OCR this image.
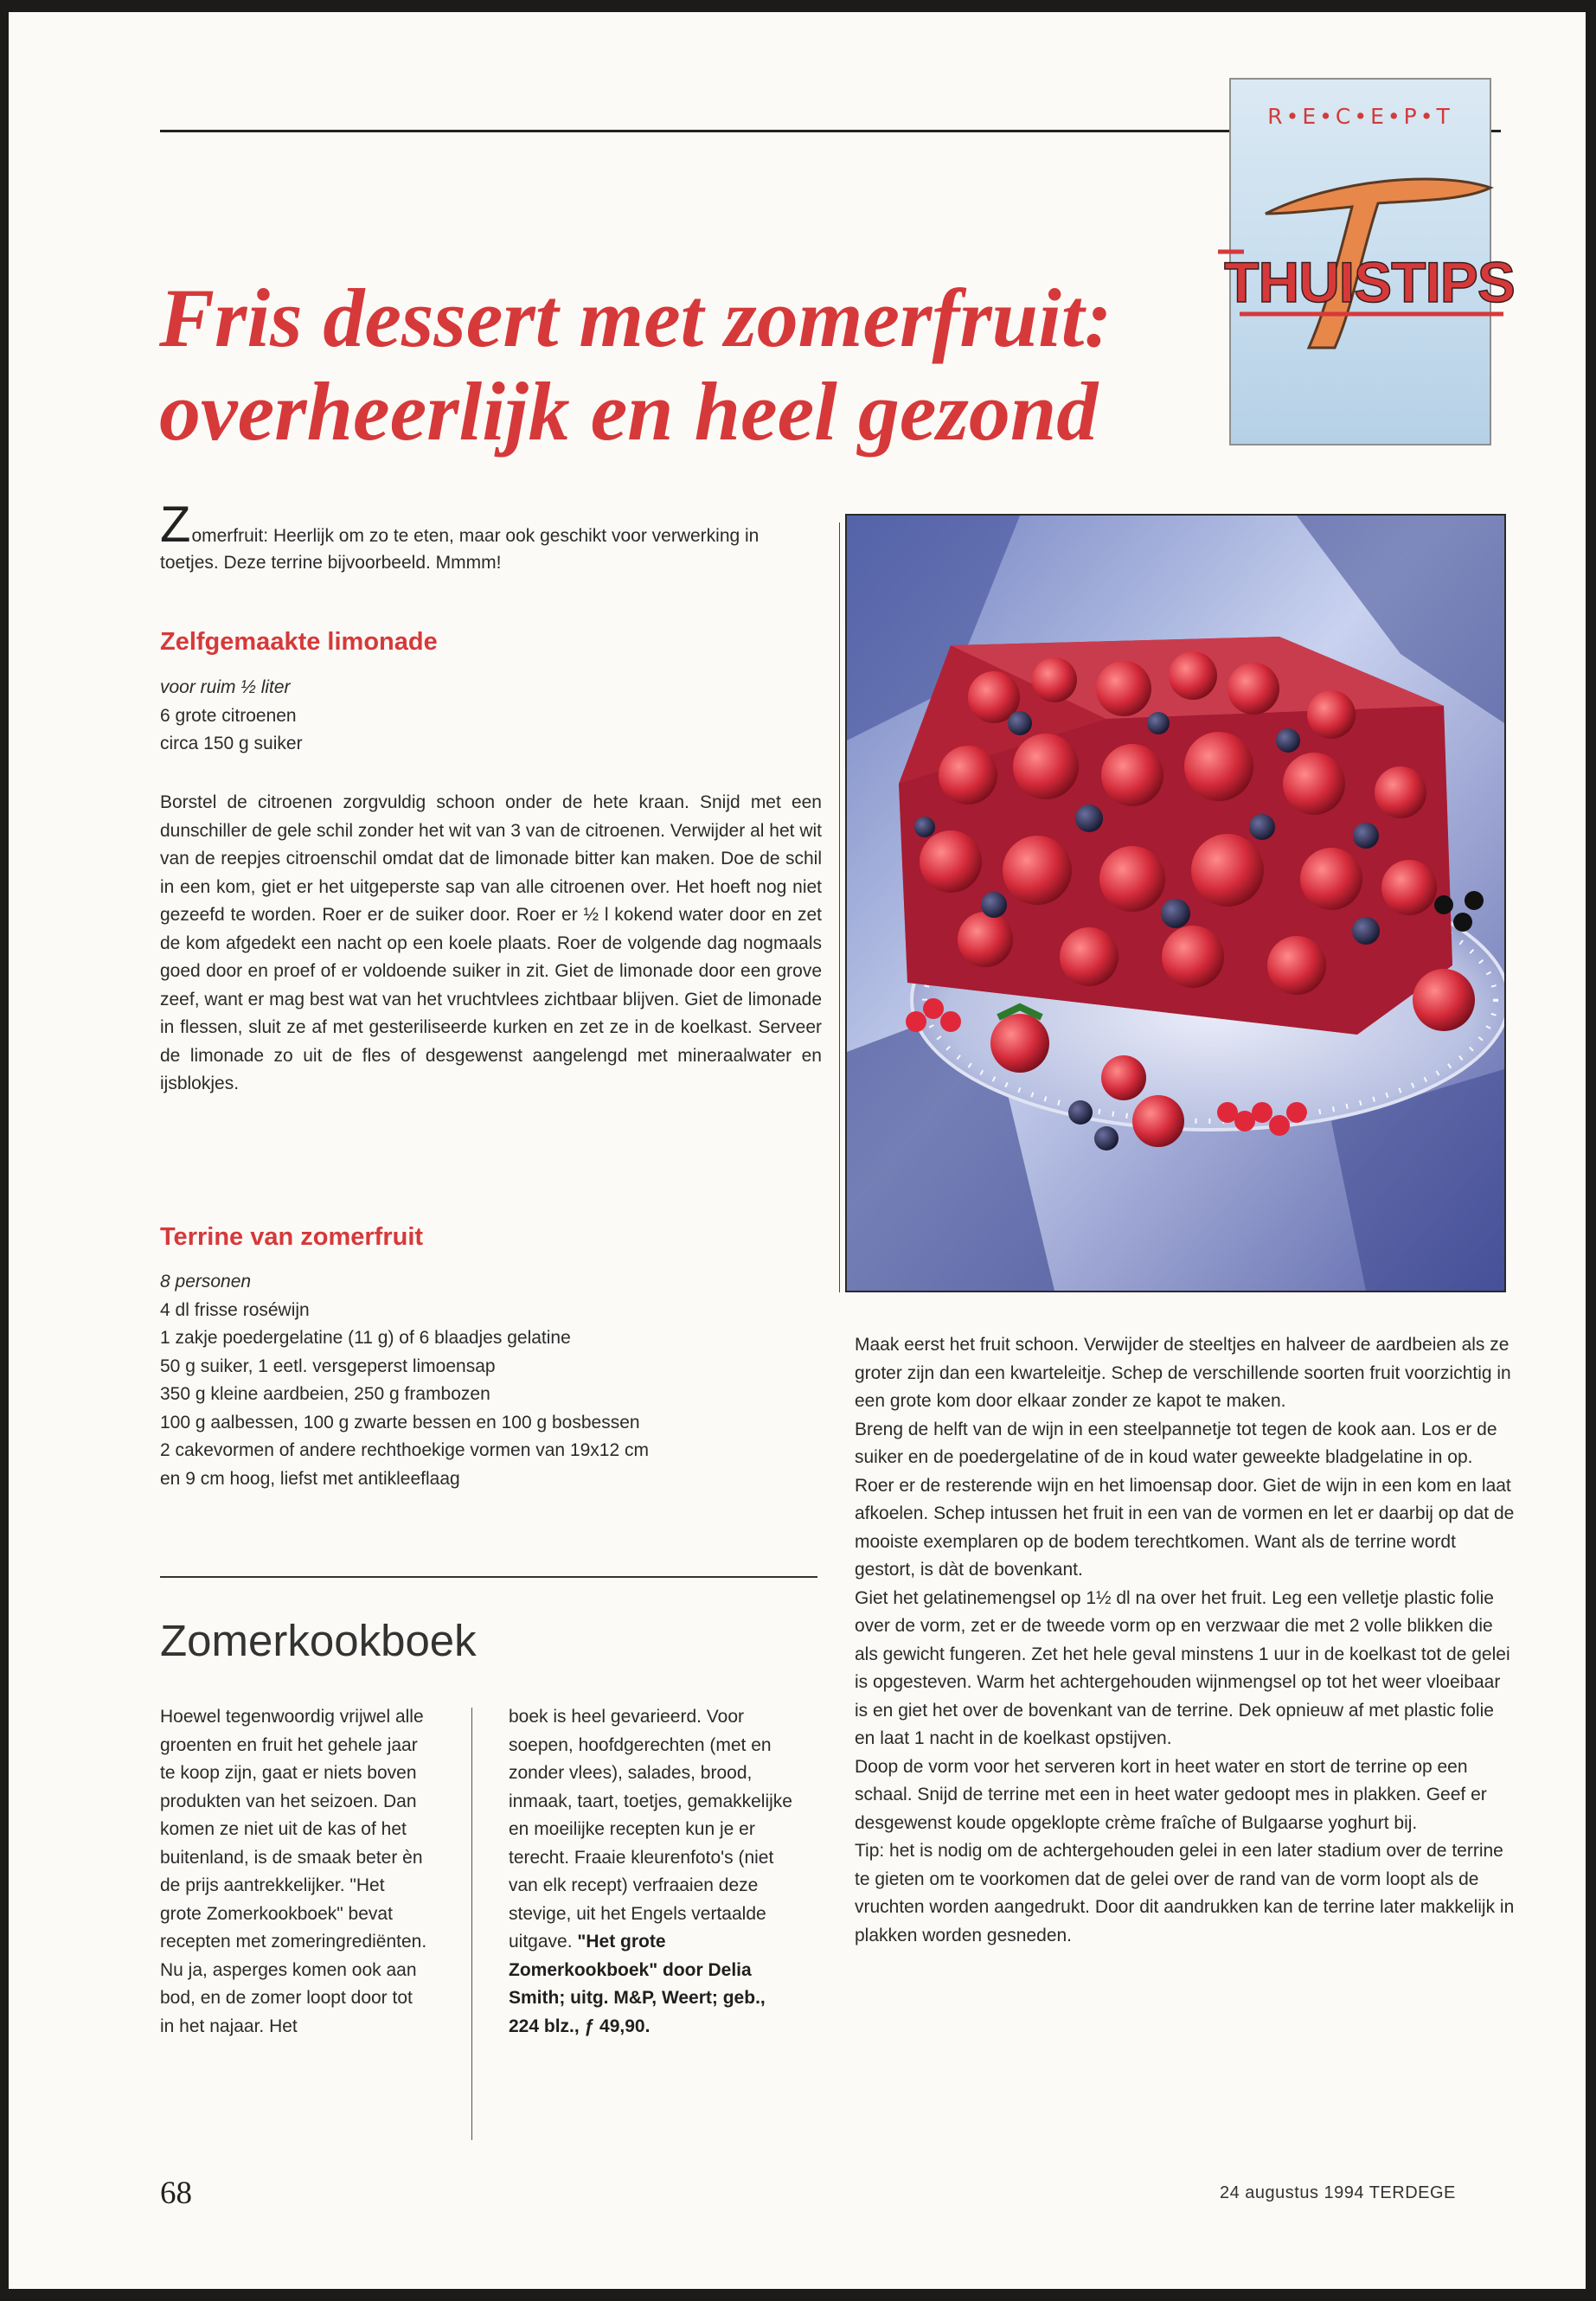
R•E•C•E•P•T
THUISTIPS
Fris dessert met zomerfruit:
overheerlijk en heel gezond
Zomerfruit: Heerlijk om zo te eten, maar ook geschikt voor verwerking in toetjes. Deze terrine bijvoorbeeld. Mmmm!
Zelfgemaakte limonade
voor ruim ½ liter
6 grote citroenen
circa 150 g suiker
Borstel de citroenen zorgvuldig schoon onder de hete kraan. Snijd met een dunschiller de gele schil zonder het wit van 3 van de citroenen. Verwijder al het wit van de reepjes citroenschil omdat dat de limonade bitter kan maken. Doe de schil in een kom, giet er het uitgeperste sap van alle citroenen over. Het hoeft nog niet gezeefd te worden. Roer er de suiker door. Roer er ½ l kokend water door en zet de kom afgedekt een nacht op een koele plaats. Roer de volgende dag nogmaals goed door en proef of er voldoende suiker in zit. Giet de limonade door een grove zeef, want er mag best wat van het vruchtvlees zichtbaar blijven. Giet de limonade in flessen, sluit ze af met gesteriliseerde kurken en zet ze in de koelkast. Serveer de limonade zo uit de fles of desgewenst aangelengd met mineraalwater en ijsblokjes.
Terrine van zomerfruit
8 personen
4 dl frisse roséwijn
1 zakje poedergelatine (11 g) of 6 blaadjes gelatine
50 g suiker, 1 eetl. versgeperst limoensap
350 g kleine aardbeien, 250 g frambozen
100 g aalbessen, 100 g zwarte bessen en 100 g bosbessen
2 cakevormen of andere rechthoekige vormen van 19x12 cm
en 9 cm hoog, liefst met antikleeflaag
Maak eerst het fruit schoon. Verwijder de steeltjes en halveer de aardbeien als ze groter zijn dan een kwarteleitje. Schep de verschillende soorten fruit voorzichtig in een grote kom door elkaar zonder ze kapot te maken.
Breng de helft van de wijn in een steelpannetje tot tegen de kook aan. Los er de suiker en de poedergelatine of de in koud water geweekte bladgelatine in op. Roer er de resterende wijn en het limoensap door. Giet de wijn in een kom en laat afkoelen. Schep intussen het fruit in een van de vormen en let er daarbij op dat de mooiste exemplaren op de bodem terechtkomen. Want als de terrine wordt gestort, is dàt de bovenkant.
Giet het gelatinemengsel op 1½ dl na over het fruit. Leg een velletje plastic folie over de vorm, zet er de tweede vorm op en verzwaar die met 2 volle blikken die als gewicht fungeren. Zet het hele geval minstens 1 uur in de koelkast tot de gelei is opgesteven. Warm het achtergehouden wijnmengsel op tot het weer vloeibaar is en giet het over de bovenkant van de terrine. Dek opnieuw af met plastic folie en laat 1 nacht in de koelkast opstijven.
Doop de vorm voor het serveren kort in heet water en stort de terrine op een schaal. Snijd de terrine met een in heet water gedoopt mes in plakken. Geef er desgewenst koude opgeklopte crème fraîche of Bulgaarse yoghurt bij.
Tip: het is nodig om de achtergehouden gelei in een later stadium over de terrine te gieten om te voorkomen dat de gelei over de rand van de vorm loopt als de vruchten worden aangedrukt. Door dit aandrukken kan de terrine later makkelijk in plakken worden gesneden.
Zomerkookboek
Hoewel tegenwoordig vrijwel alle groenten en fruit het gehele jaar te koop zijn, gaat er niets boven produkten van het seizoen. Dan komen ze niet uit de kas of het buitenland, is de smaak beter èn de prijs aantrekkelijker. "Het grote Zomerkookboek" bevat recepten met zomeringrediënten. Nu ja, asperges komen ook aan bod, en de zomer loopt door tot in het najaar. Het
boek is heel gevarieerd. Voor soepen, hoofdgerechten (met en zonder vlees), salades, brood, inmaak, taart, toetjes, gemakkelijke en moeilijke recepten kun je er terecht. Fraaie kleurenfoto's (niet van elk recept) verfraaien deze stevige, uit het Engels vertaalde uitgave. "Het grote Zomerkookboek" door Delia Smith; uitg. M&P, Weert; geb., 224 blz., ƒ 49,90.
68	24 augustus 1994 TERDEGE
